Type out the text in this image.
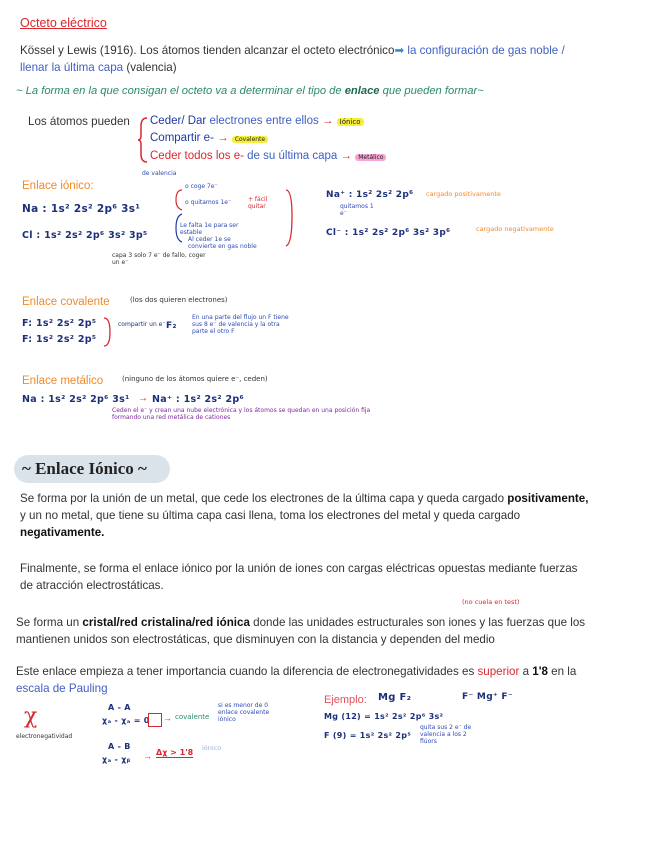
Octeto eléctrico
Kössel y Lewis (1916). Los átomos tienden alcanzar el octeto electrónico➡ la configuración de gas noble /
llenar la última capa (valencia)
~ La forma en la que consigan el octeto va a determinar el tipo de enlace que pueden formar~
Los átomos pueden Ceder/ Dar electrones entre ellos → Iónico
Compartir e- → Covalente
Ceder todos los e- de su última capa → Metálico
Enlace iónico:
de valencia
Na : 1s² 2s² 2p⁶ 3s¹
Cl : 1s² 2s² 2p⁶ 3s² 3p⁵
o coge 7e⁻
o quitamos 1e⁻	+ fácil quitar
Le falta 1e para ser estable
Al ceder 1e se convierte en gas noble
capa 3 solo 7 e⁻ de fallo, coger un e⁻
Na⁺ : 1s² 2s² 2p⁶
quitamos 1 e⁻
cargado positivamente
Cl⁻ : 1s² 2s² 2p⁶ 3s² 3p⁶	cargado negativamente
Enlace covalente	(los dos quieren electrones)
F: 1s² 2s² 2p⁵
F: 1s² 2s² 2p⁵
compartir un e⁻ F₂
En una parte del flujo un F tiene sus 8 e⁻ de valencia y la otra parte el otro F
Enlace metálico	(ninguno de los átomos quiere e⁻, ceden)
Na : 1s² 2s² 2p⁶ 3s¹ → Na⁺ : 1s² 2s² 2p⁶
Ceden el e⁻ y crean una nube electrónica y los átomos se quedan en una posición fija formando una red metálica de cationes
~ Enlace Iónico ~
Se forma por la unión de un metal, que cede los electrones de la última capa y queda cargado positivamente,
y un no metal, que tiene su última capa casi llena, toma los electrones del metal y queda cargado
negativamente.
Finalmente, se forma el enlace iónico por la unión de iones con cargas eléctricas opuestas mediante fuerzas
de atracción electrostáticas.
(no cuela en test)
Se forma un cristal/red cristalina/red iónica donde las unidades estructurales son iones y las fuerzas que los
mantienen unidos son electrostáticas, que disminuyen con la distancia y dependen del medio
Este enlace empieza a tener importancia cuando la diferencia de electronegatividades es superior a 1'8 en la
escala de Pauling
χ
electronegatividad
A - A
χₐ - χₐ = 0 → covalente
si es menor de 0 enlace covalente iónico
A - B
χₐ - χᵦ → Δχ > 1'8 iónico
Ejemplo: Mg F₂	F⁻ Mg⁺ F⁻
Mg (12) = 1s² 2s² 2p⁶ 3s²
F (9) = 1s² 2s² 2p⁵
quita sus 2 e⁻ de valencia a los 2 flúors
